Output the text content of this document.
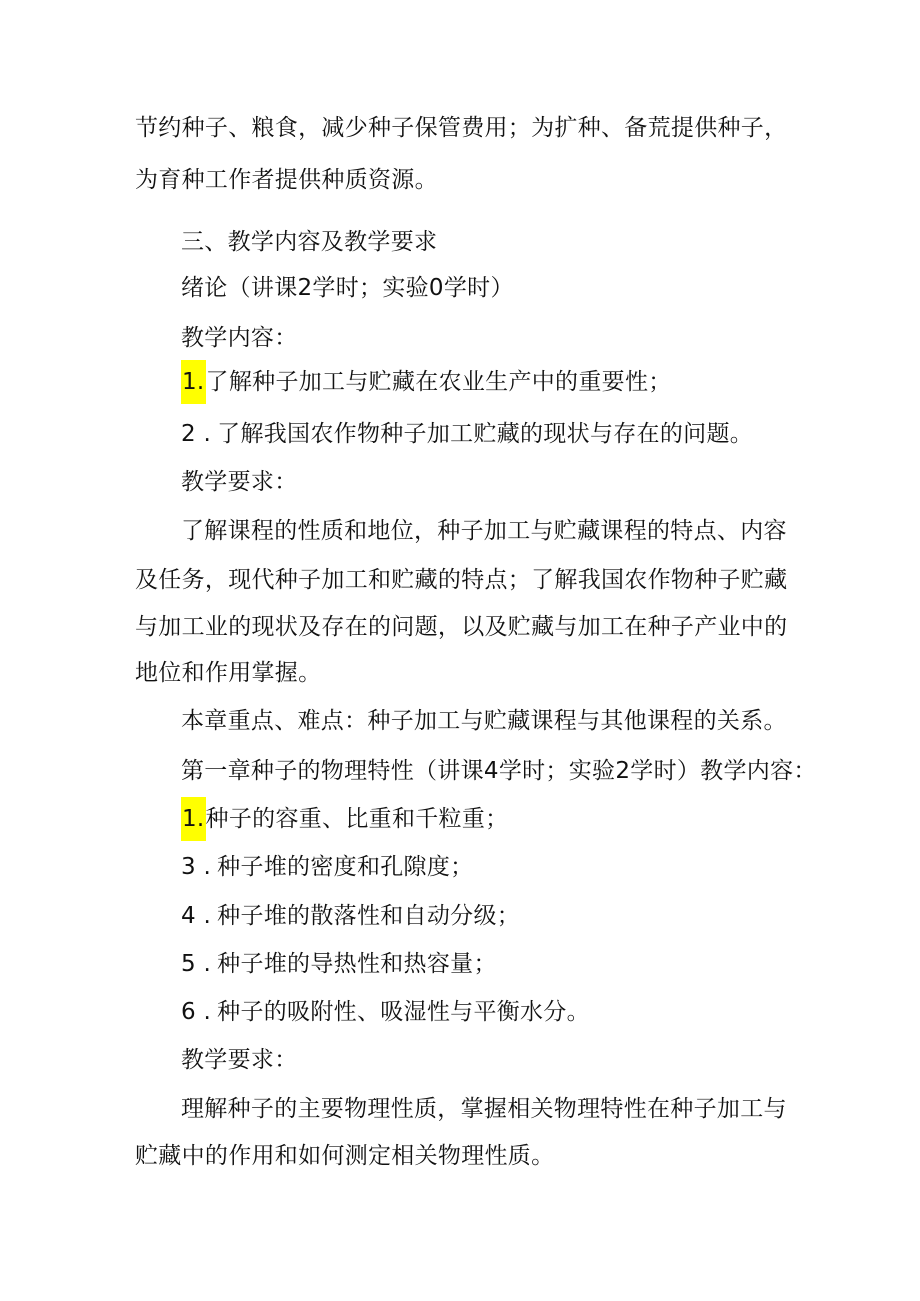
节约种子、粮食，减少种子保管费用；为扩种、备荒提供种子，
为育种工作者提供种质资源。
三、教学内容及教学要求
绪论（讲课2学时；实验0学时）
教学内容：
1.了解种子加工与贮藏在农业生产中的重要性；
2 . 了解我国农作物种子加工贮藏的现状与存在的问题。
教学要求：
了解课程的性质和地位，种子加工与贮藏课程的特点、内容
及任务，现代种子加工和贮藏的特点；了解我国农作物种子贮藏
与加工业的现状及存在的问题，以及贮藏与加工在种子产业中的
地位和作用掌握。
本章重点、难点：种子加工与贮藏课程与其他课程的关系。
第一章种子的物理特性（讲课4学时；实验2学时）教学内容：
1.种子的容重、比重和千粒重；
3 . 种子堆的密度和孔隙度；
4 . 种子堆的散落性和自动分级；
5 . 种子堆的导热性和热容量；
6 . 种子的吸附性、吸湿性与平衡水分。
教学要求：
理解种子的主要物理性质，掌握相关物理特性在种子加工与
贮藏中的作用和如何测定相关物理性质。
